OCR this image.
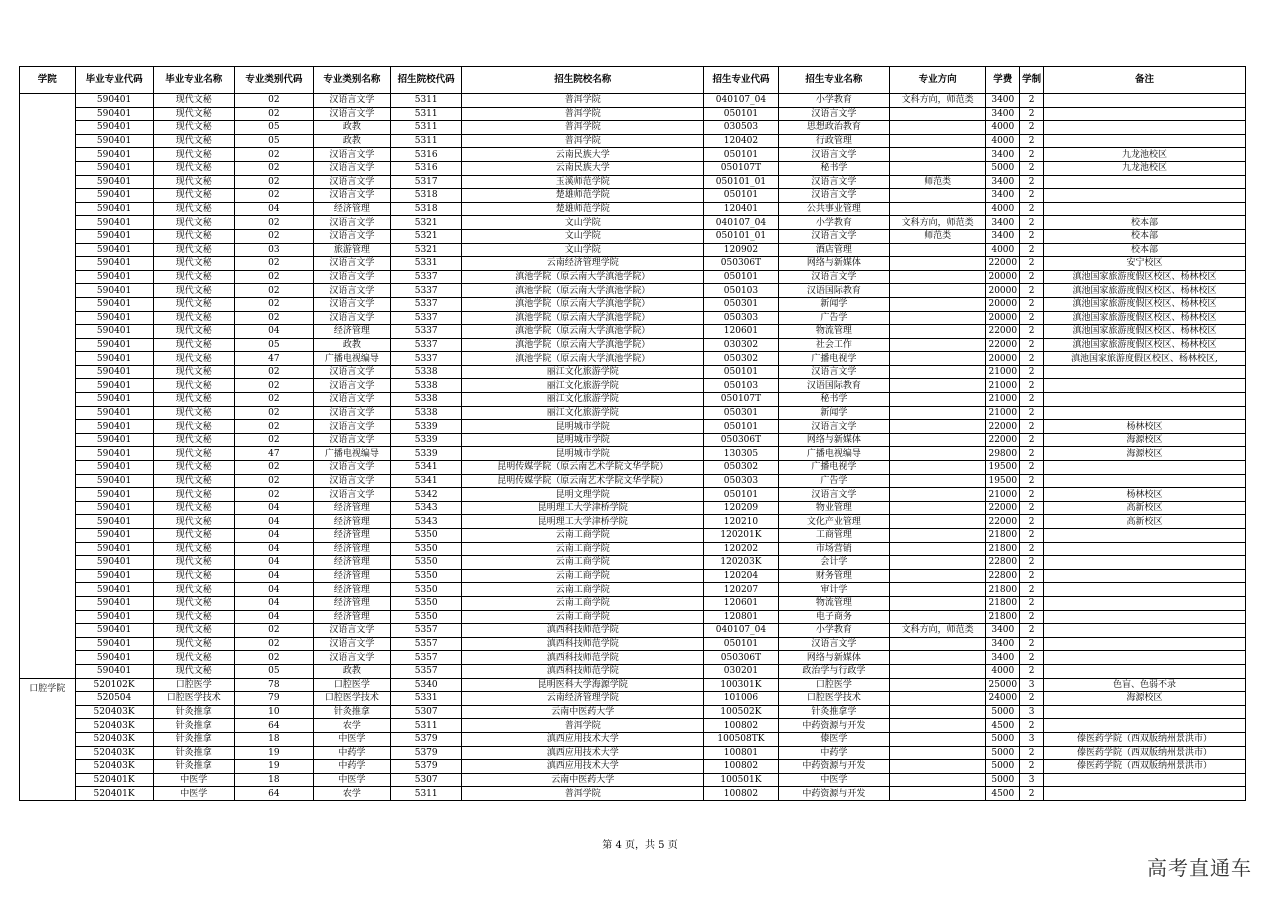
学院	毕业专业代码	毕业专业名称	专业类别代码	专业类别名称	招生院校代码	招生院校名称	招生专业代码	招生专业名称	专业方向	学费	学制	备注
	590401	现代文秘	02	汉语言文学	5311	普洱学院	040107_04	小学教育	文科方向，师范类	3400	2	
	590401	现代文秘	02	汉语言文学	5311	普洱学院	050101	汉语言文学		3400	2	
	590401	现代文秘	05	政教	5311	普洱学院	030503	思想政治教育		4000	2	
	590401	现代文秘	05	政教	5311	普洱学院	120402	行政管理		4000	2	
	590401	现代文秘	02	汉语言文学	5316	云南民族大学	050101	汉语言文学		3400	2	九龙池校区
	590401	现代文秘	02	汉语言文学	5316	云南民族大学	050107T	秘书学		5000	2	九龙池校区
	590401	现代文秘	02	汉语言文学	5317	玉溪师范学院	050101_01	汉语言文学	师范类	3400	2	
	590401	现代文秘	02	汉语言文学	5318	楚雄师范学院	050101	汉语言文学		3400	2	
	590401	现代文秘	04	经济管理	5318	楚雄师范学院	120401	公共事业管理		4000	2	
	590401	现代文秘	02	汉语言文学	5321	文山学院	040107_04	小学教育	文科方向，师范类	3400	2	校本部
	590401	现代文秘	02	汉语言文学	5321	文山学院	050101_01	汉语言文学	师范类	3400	2	校本部
	590401	现代文秘	03	旅游管理	5321	文山学院	120902	酒店管理		4000	2	校本部
	590401	现代文秘	02	汉语言文学	5331	云南经济管理学院	050306T	网络与新媒体		22000	2	安宁校区
	590401	现代文秘	02	汉语言文学	5337	滇池学院（原云南大学滇池学院）	050101	汉语言文学		20000	2	滇池国家旅游度假区校区、杨林校区
	590401	现代文秘	02	汉语言文学	5337	滇池学院（原云南大学滇池学院）	050103	汉语国际教育		20000	2	滇池国家旅游度假区校区、杨林校区
	590401	现代文秘	02	汉语言文学	5337	滇池学院（原云南大学滇池学院）	050301	新闻学		20000	2	滇池国家旅游度假区校区、杨林校区
	590401	现代文秘	02	汉语言文学	5337	滇池学院（原云南大学滇池学院）	050303	广告学		20000	2	滇池国家旅游度假区校区、杨林校区
	590401	现代文秘	04	经济管理	5337	滇池学院（原云南大学滇池学院）	120601	物流管理		22000	2	滇池国家旅游度假区校区、杨林校区
	590401	现代文秘	05	政教	5337	滇池学院（原云南大学滇池学院）	030302	社会工作		22000	2	滇池国家旅游度假区校区、杨林校区
	590401	现代文秘	47	广播电视编导	5337	滇池学院（原云南大学滇池学院）	050302	广播电视学		20000	2	滇池国家旅游度假区校区、杨林校区,
	590401	现代文秘	02	汉语言文学	5338	丽江文化旅游学院	050101	汉语言文学		21000	2	
	590401	现代文秘	02	汉语言文学	5338	丽江文化旅游学院	050103	汉语国际教育		21000	2	
	590401	现代文秘	02	汉语言文学	5338	丽江文化旅游学院	050107T	秘书学		21000	2	
	590401	现代文秘	02	汉语言文学	5338	丽江文化旅游学院	050301	新闻学		21000	2	
	590401	现代文秘	02	汉语言文学	5339	昆明城市学院	050101	汉语言文学		22000	2	杨林校区
	590401	现代文秘	02	汉语言文学	5339	昆明城市学院	050306T	网络与新媒体		22000	2	海源校区
	590401	现代文秘	47	广播电视编导	5339	昆明城市学院	130305	广播电视编导		29800	2	海源校区
	590401	现代文秘	02	汉语言文学	5341	昆明传媒学院（原云南艺术学院文华学院）	050302	广播电视学		19500	2	
	590401	现代文秘	02	汉语言文学	5341	昆明传媒学院（原云南艺术学院文华学院）	050303	广告学		19500	2	
	590401	现代文秘	02	汉语言文学	5342	昆明文理学院	050101	汉语言文学		21000	2	杨林校区
	590401	现代文秘	04	经济管理	5343	昆明理工大学津桥学院	120209	物业管理		22000	2	高新校区
	590401	现代文秘	04	经济管理	5343	昆明理工大学津桥学院	120210	文化产业管理		22000	2	高新校区
	590401	现代文秘	04	经济管理	5350	云南工商学院	120201K	工商管理		21800	2	
	590401	现代文秘	04	经济管理	5350	云南工商学院	120202	市场营销		21800	2	
	590401	现代文秘	04	经济管理	5350	云南工商学院	120203K	会计学		22800	2	
	590401	现代文秘	04	经济管理	5350	云南工商学院	120204	财务管理		22800	2	
	590401	现代文秘	04	经济管理	5350	云南工商学院	120207	审计学		21800	2	
	590401	现代文秘	04	经济管理	5350	云南工商学院	120601	物流管理		21800	2	
	590401	现代文秘	04	经济管理	5350	云南工商学院	120801	电子商务		21800	2	
	590401	现代文秘	02	汉语言文学	5357	滇西科技师范学院	040107_04	小学教育	文科方向，师范类	3400	2	
	590401	现代文秘	02	汉语言文学	5357	滇西科技师范学院	050101	汉语言文学		3400	2	
	590401	现代文秘	02	汉语言文学	5357	滇西科技师范学院	050306T	网络与新媒体		3400	2	
	590401	现代文秘	05	政教	5357	滇西科技师范学院	030201	政治学与行政学		4000	2	
口腔学院	520102K	口腔医学	78	口腔医学	5340	昆明医科大学海源学院	100301K	口腔医学		25000	3	色盲、色弱不录
	520504	口腔医学技术	79	口腔医学技术	5331	云南经济管理学院	101006	口腔医学技术		24000	2	海源校区
	520403K	针灸推拿	10	针灸推拿	5307	云南中医药大学	100502K	针灸推拿学		5000	3	
	520403K	针灸推拿	64	农学	5311	普洱学院	100802	中药资源与开发		4500	2	
	520403K	针灸推拿	18	中医学	5379	滇西应用技术大学	100508TK	傣医学		5000	3	傣医药学院（西双版纳州景洪市）
	520403K	针灸推拿	19	中药学	5379	滇西应用技术大学	100801	中药学		5000	2	傣医药学院（西双版纳州景洪市）
	520403K	针灸推拿	19	中药学	5379	滇西应用技术大学	100802	中药资源与开发		5000	2	傣医药学院（西双版纳州景洪市）
	520401K	中医学	18	中医学	5307	云南中医药大学	100501K	中医学		5000	3	
	520401K	中医学	64	农学	5311	普洱学院	100802	中药资源与开发		4500	2	
第 4 页，共 5 页
高考直通车
